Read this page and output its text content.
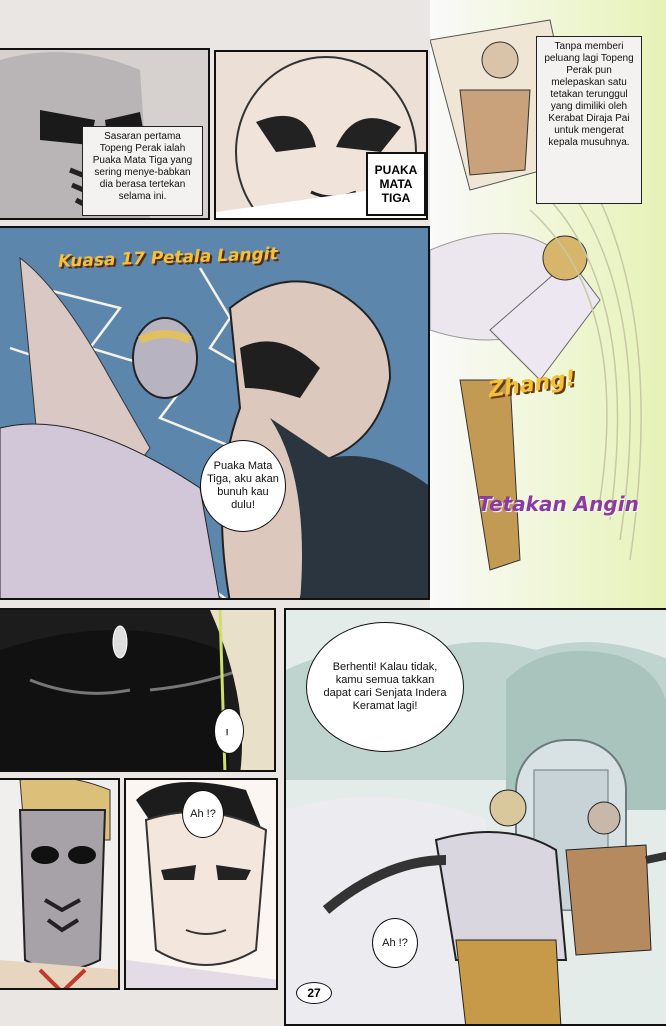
Sasaran pertama Topeng Perak ialah Puaka Mata Tiga yang sering menye-babkan dia berasa tertekan selama ini.
PUAKA MATA TIGA
Tanpa memberi peluang lagi Topeng Perak pun melepaskan satu tetakan terunggul yang dimiliki oleh Kerabat Diraja Pai untuk mengerat kepala musuhnya.
Zhang!
Tetakan Angin
Kuasa 17 Petala Langit
Puaka Mata Tiga, aku akan bunuh kau dulu!
......
Ah !?
Berhenti! Kalau tidak, kamu semua takkan dapat cari Senjata Indera Keramat lagi!
Ah !?
27
